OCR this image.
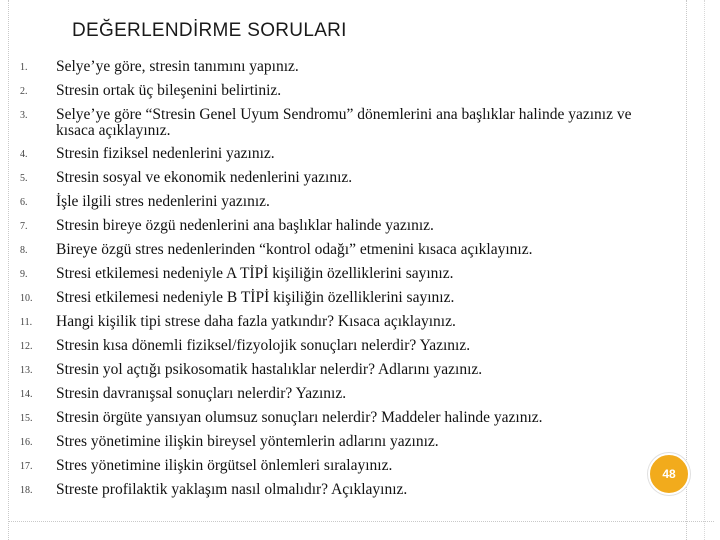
DEĞERLENDİRME SORULARI
1.	Selye’ye göre, stresin tanımını yapınız.
2.	Stresin ortak üç bileşenini belirtiniz.
3.	Selye’ye göre “Stresin Genel Uyum Sendromu” dönemlerini ana başlıklar halinde yazınız ve kısaca açıklayınız.
4.	Stresin fiziksel nedenlerini yazınız.
5.	Stresin sosyal ve ekonomik nedenlerini yazınız.
6.	İşle ilgili stres nedenlerini yazınız.
7.	Stresin bireye özgü nedenlerini ana başlıklar halinde yazınız.
8.	Bireye özgü stres nedenlerinden “kontrol odağı” etmenini kısaca açıklayınız.
9.	Stresi etkilemesi nedeniyle A TİPİ kişiliğin özelliklerini sayınız.
10.	Stresi etkilemesi nedeniyle B TİPİ kişiliğin özelliklerini sayınız.
11.	Hangi kişilik tipi strese daha fazla yatkındır? Kısaca açıklayınız.
12.	Stresin kısa dönemli fiziksel/fizyolojik sonuçları nelerdir? Yazınız.
13.	Stresin yol açtığı psikosomatik hastalıklar nelerdir? Adlarını yazınız.
14.	Stresin davranışsal sonuçları nelerdir? Yazınız.
15.	Stresin örgüte yansıyan olumsuz sonuçları nelerdir? Maddeler halinde yazınız.
16.	Stres yönetimine ilişkin bireysel yöntemlerin adlarını yazınız.
17.	Stres yönetimine ilişkin örgütsel önlemleri sıralayınız.
18.	Streste profilaktik yaklaşım nasıl olmalıdır? Açıklayınız.
48
